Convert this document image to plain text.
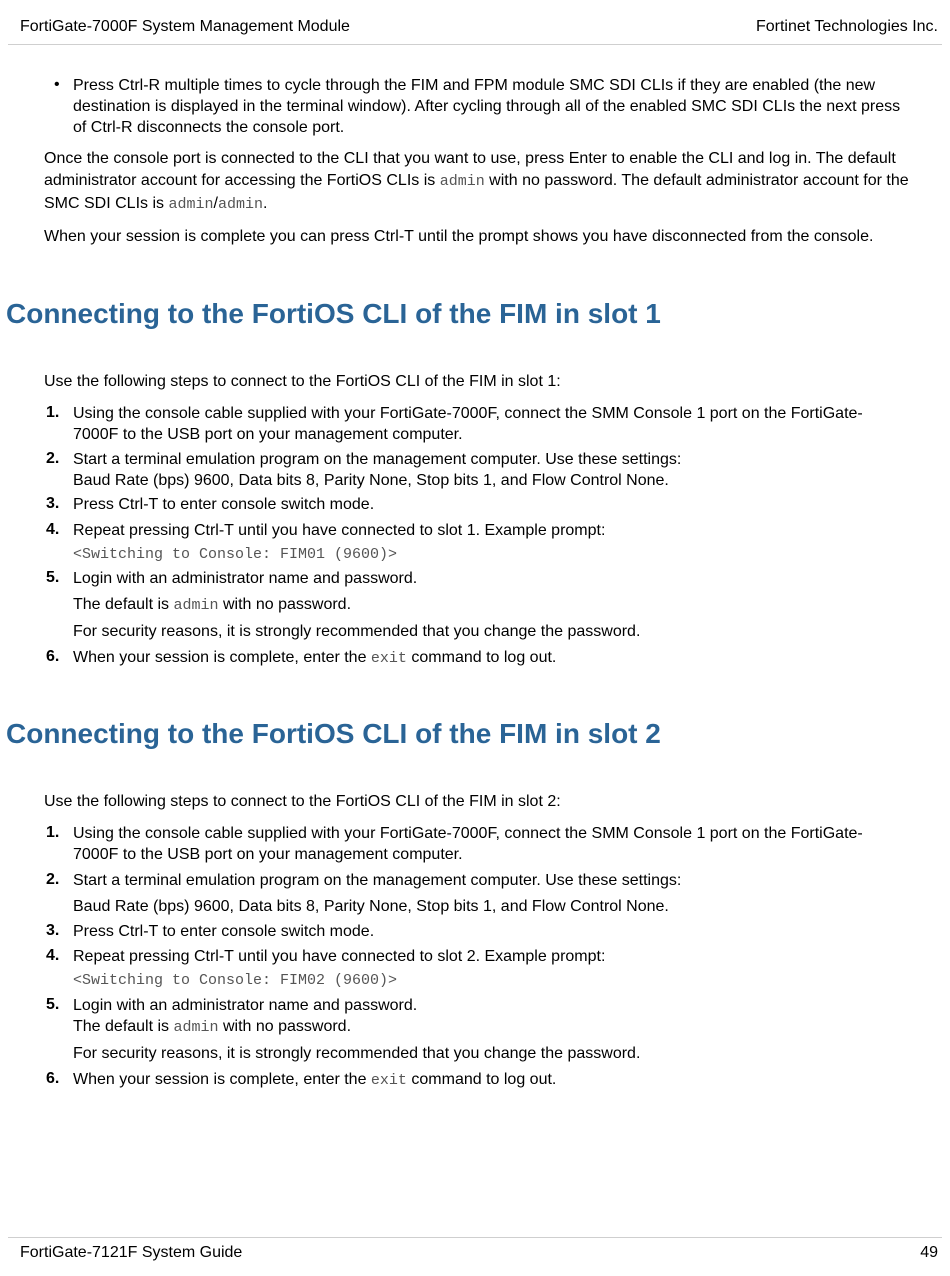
FortiGate-7000F System Management Module	Fortinet Technologies Inc.
• Press Ctrl-R multiple times to cycle through the FIM and FPM module SMC SDI CLIs if they are enabled (the new destination is displayed in the terminal window). After cycling through all of the enabled SMC SDI CLIs the next press of Ctrl-R disconnects the console port.
Once the console port is connected to the CLI that you want to use, press Enter to enable the CLI and log in. The default administrator account for accessing the FortiOS CLIs is admin with no password. The default administrator account for the SMC SDI CLIs is admin/admin.
When your session is complete you can press Ctrl-T until the prompt shows you have disconnected from the console.
Connecting to the FortiOS CLI of the FIM in slot 1
Use the following steps to connect to the FortiOS CLI of the FIM in slot 1:
1. Using the console cable supplied with your FortiGate-7000F, connect the SMM Console 1 port on the FortiGate-7000F to the USB port on your management computer.
2. Start a terminal emulation program on the management computer. Use these settings:
Baud Rate (bps) 9600, Data bits 8, Parity None, Stop bits 1, and Flow Control None.
3. Press Ctrl-T to enter console switch mode.
4. Repeat pressing Ctrl-T until you have connected to slot 1. Example prompt:
<Switching to Console: FIM01 (9600)>
5. Login with an administrator name and password.
The default is admin with no password.
For security reasons, it is strongly recommended that you change the password.
6. When your session is complete, enter the exit command to log out.
Connecting to the FortiOS CLI of the FIM in slot 2
Use the following steps to connect to the FortiOS CLI of the FIM in slot 2:
1. Using the console cable supplied with your FortiGate-7000F, connect the SMM Console 1 port on the FortiGate-7000F to the USB port on your management computer.
2. Start a terminal emulation program on the management computer. Use these settings:
Baud Rate (bps) 9600, Data bits 8, Parity None, Stop bits 1, and Flow Control None.
3. Press Ctrl-T to enter console switch mode.
4. Repeat pressing Ctrl-T until you have connected to slot 2. Example prompt:
<Switching to Console: FIM02 (9600)>
5. Login with an administrator name and password.
The default is admin with no password.
For security reasons, it is strongly recommended that you change the password.
6. When your session is complete, enter the exit command to log out.
FortiGate-7121F System Guide	49
